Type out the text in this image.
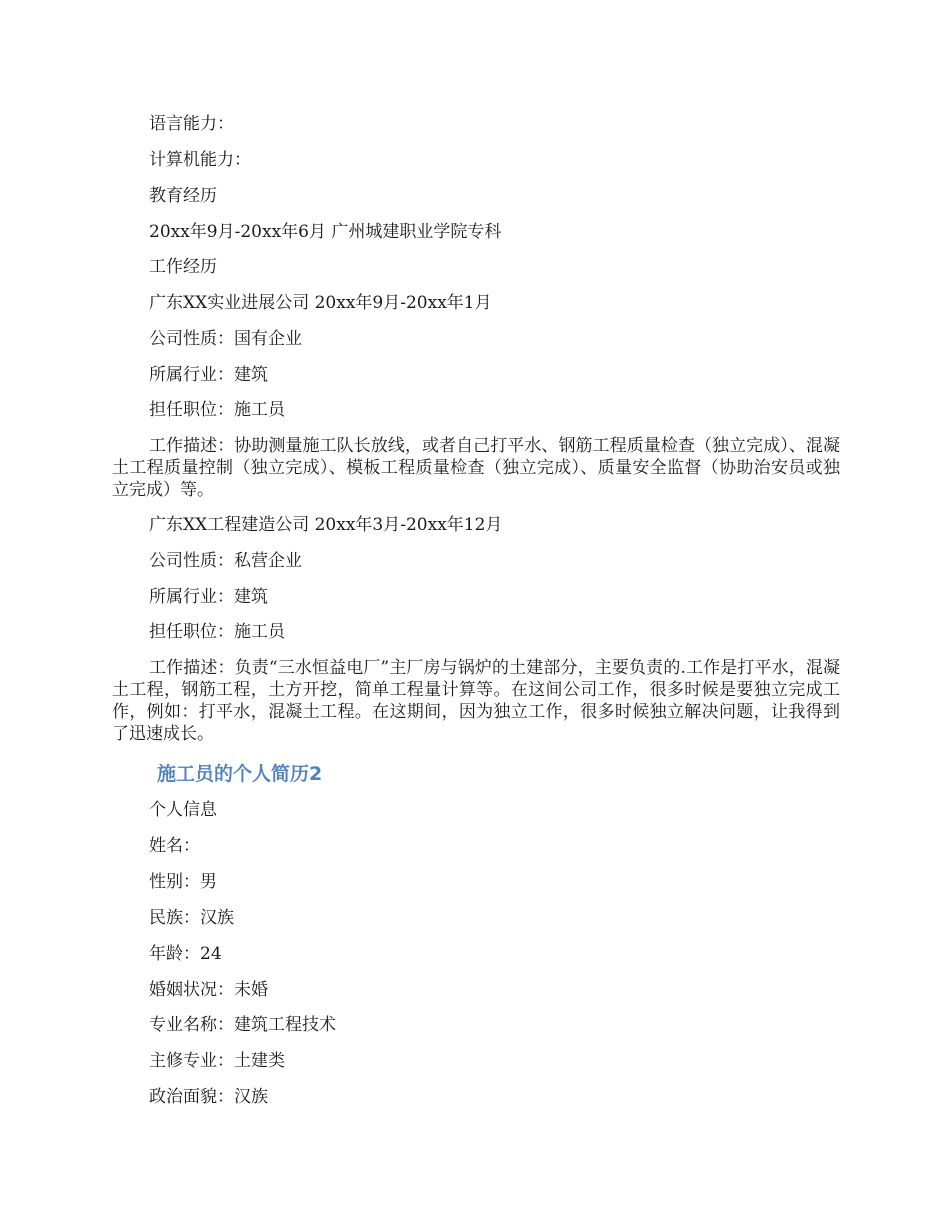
语言能力：
计算机能力：
教育经历
20xx年9月-20xx年6月 广州城建职业学院专科
工作经历
广东XX实业进展公司 20xx年9月-20xx年1月
公司性质：国有企业
所属行业：建筑
担任职位：施工员

工作描述：协助测量施工队长放线，或者自己打平水、钢筋工程质量检查（独立完成）、混凝土工程质量控制（独立完成）、模板工程质量检查（独立完成）、质量安全监督（协助治安员或独立完成）等。

广东XX工程建造公司 20xx年3月-20xx年12月
公司性质：私营企业
所属行业：建筑
担任职位：施工员

工作描述：负责“三水恒益电厂”主厂房与锅炉的土建部分，主要负责的.工作是打平水，混凝土工程，钢筋工程，土方开挖，简单工程量计算等。在这间公司工作，很多时候是要独立完成工作，例如：打平水，混凝土工程。在这期间，因为独立工作，很多时候独立解决问题，让我得到了迅速成长。

施工员的个人简历2
个人信息
姓名：
性别：男
民族：汉族
年龄：24
婚姻状况：未婚
专业名称：建筑工程技术
主修专业：土建类
政治面貌：汉族
